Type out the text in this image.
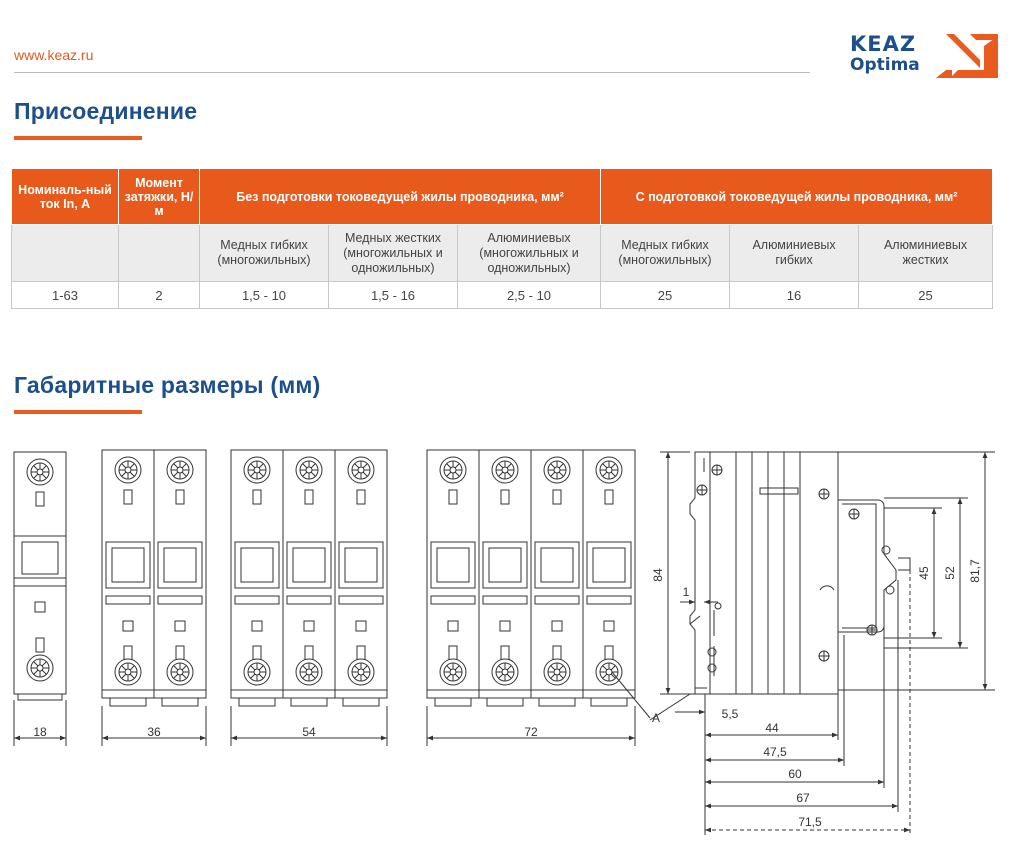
www.keaz.ru	KEAZ
Optima
Присоединение
Номиналь-ный ток In, А	Момент затяжки, Н/м	Без подготовки токоведущей жилы проводника, мм²			С подготовкой токоведущей жилы проводника, мм²		
		Медных гибких (многожильных)	Медных жестких (многожильных и одножильных)	Алюминиевых (многожильных и одножильных)	Медных гибких (многожильных)	Алюминиевых гибких	Алюминиевых жестких
1-63	2	1,5 - 10	1,5 - 16	2,5 - 10	25	16	25
Габаритные размеры (мм)
18	36	54	72
84	81,7
52
45
1
5,5
44
47,5
60
67
71,5
A
